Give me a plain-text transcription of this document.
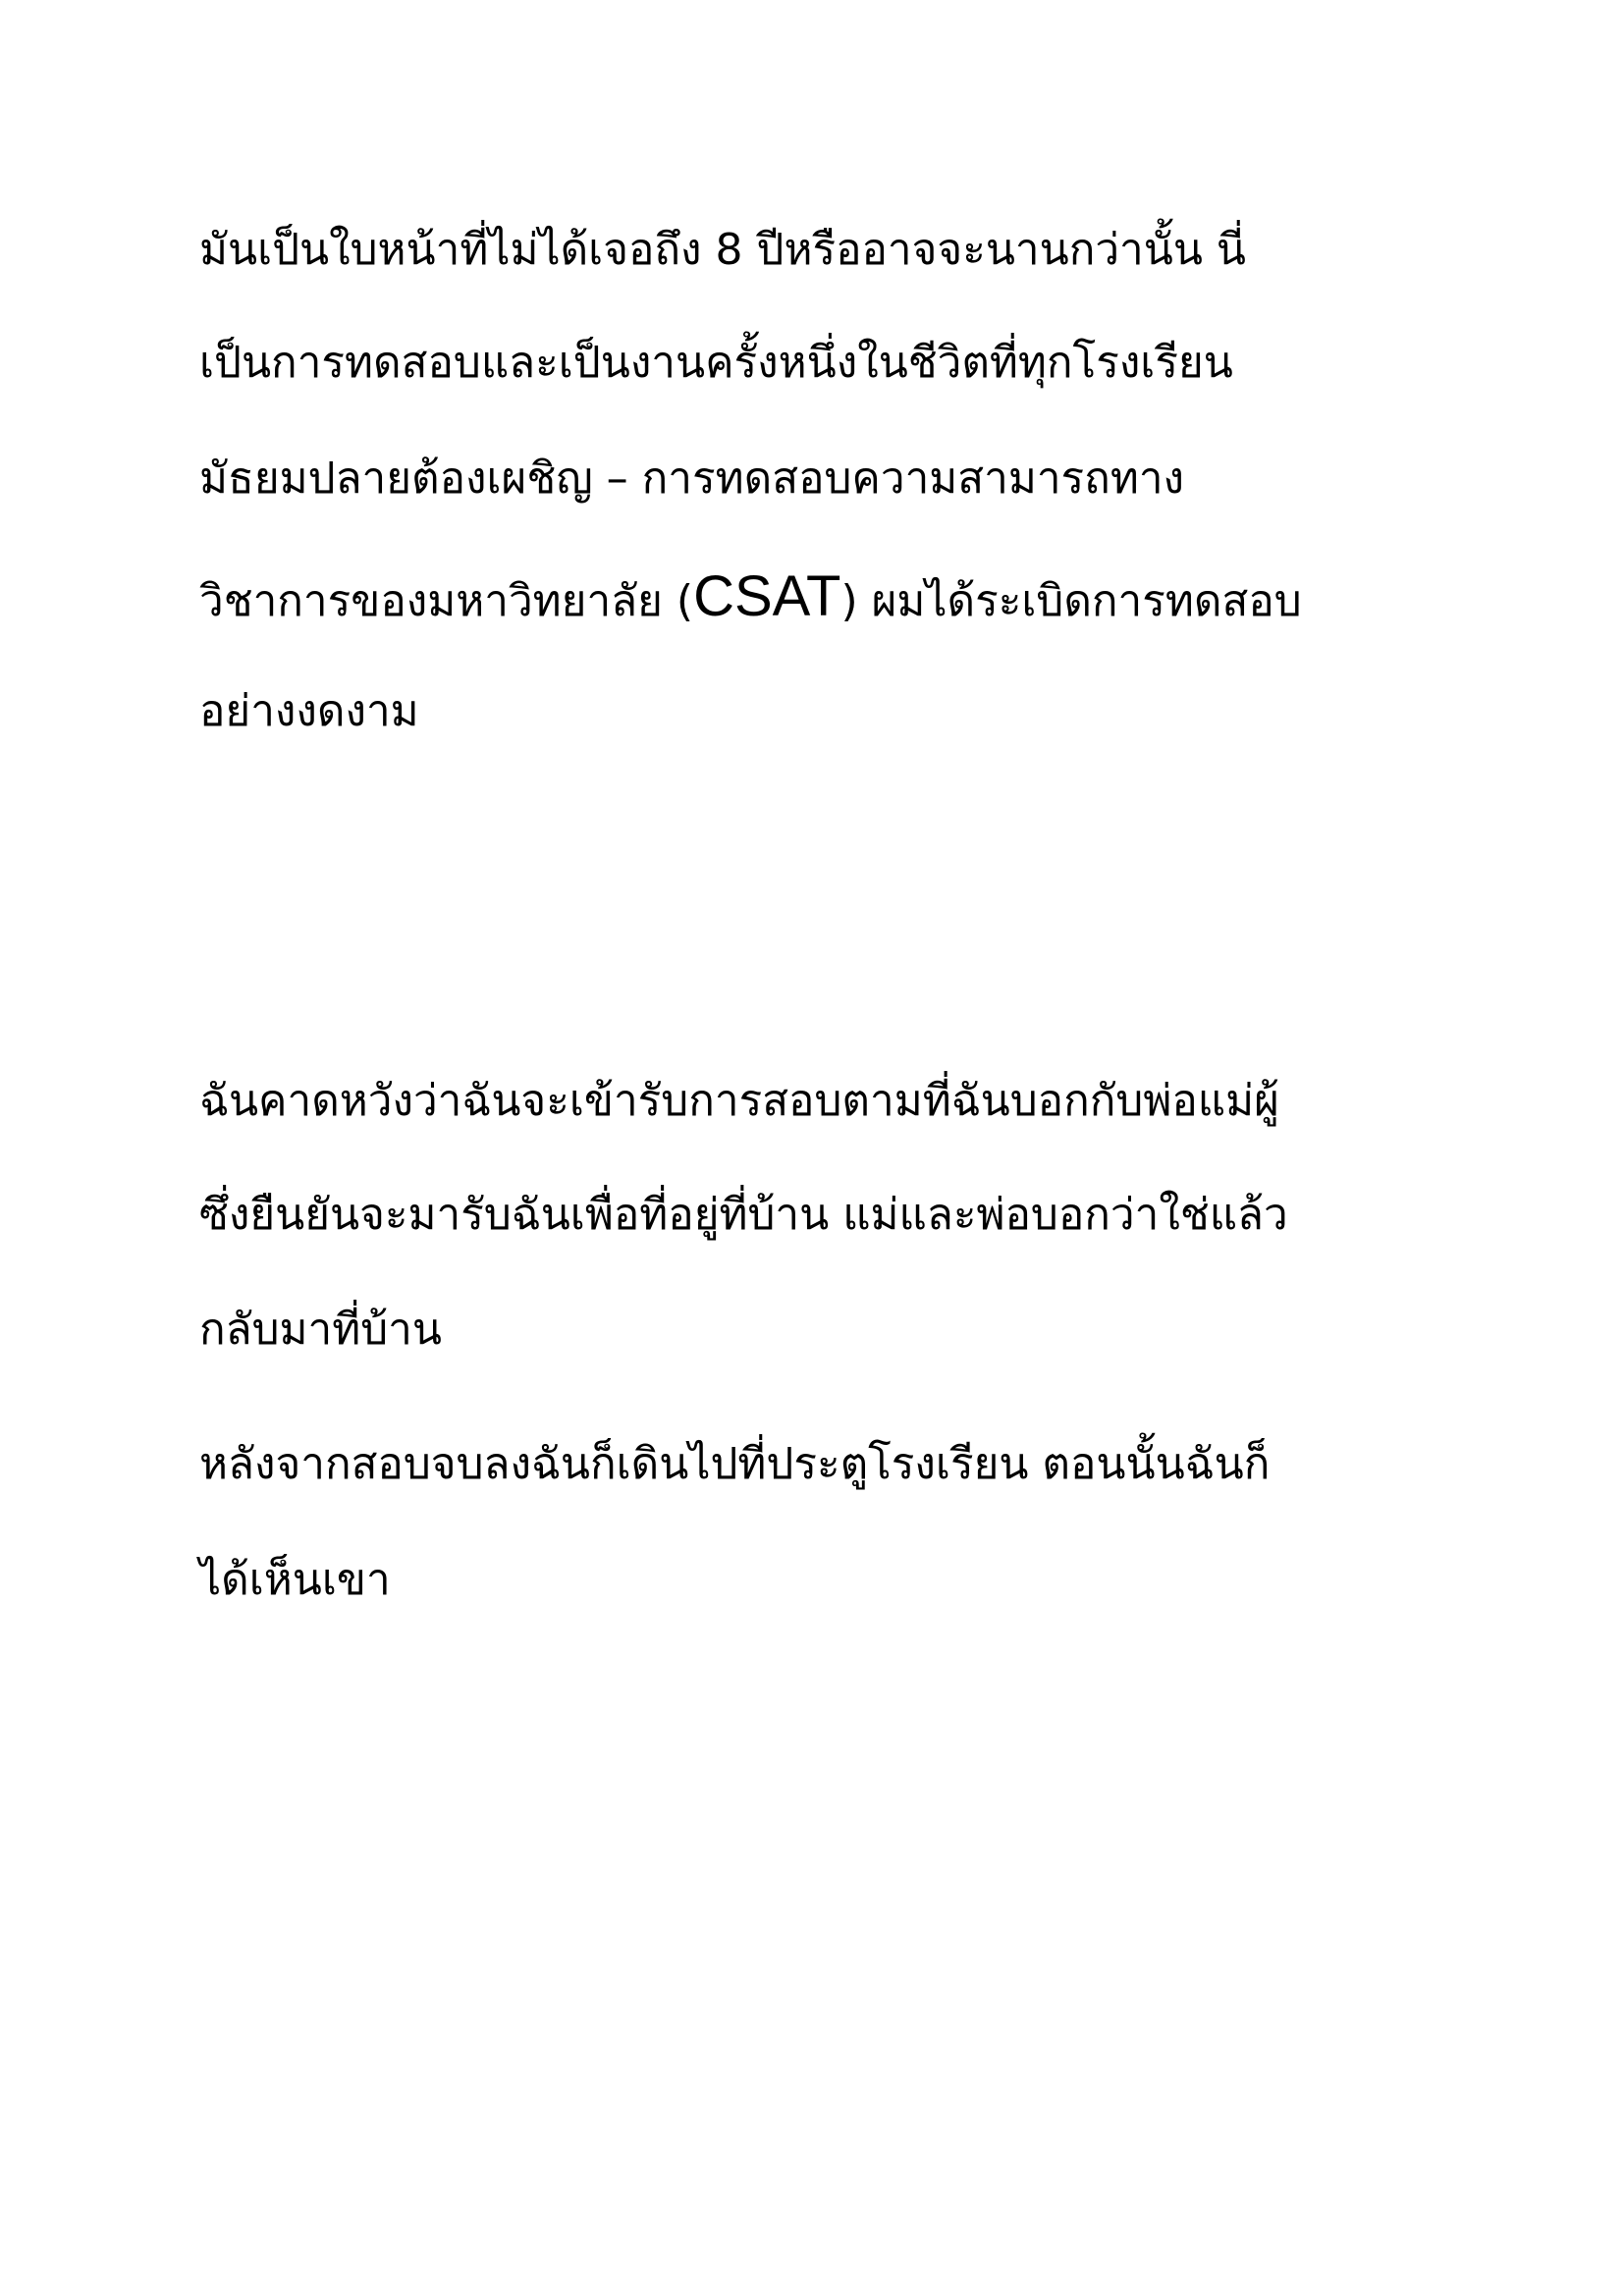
มันเป็นใบหน้าที่ไม่ได้เจอถึง 8 ปีหรืออาจจะนานกว่านั้น นี่

เป็นการทดสอบและเป็นงานครั้งหนึ่งในชีวิตที่ทุกโรงเรียน

มัธยมปลายต้องเผชิญ – การทดสอบความสามารถทาง

วิชาการของมหาวิทยาลัย (CSAT) ผมได้ระเบิดการทดสอบ

อย่างงดงาม

ฉันคาดหวังว่าฉันจะเข้ารับการสอบตามที่ฉันบอกกับพ่อแม่ผู้

ซึ่งยืนยันจะมารับฉันเพื่อที่อยู่ที่บ้าน แม่และพ่อบอกว่าใช่แล้ว

กลับมาที่บ้าน

หลังจากสอบจบลงฉันก็เดินไปที่ประตูโรงเรียน ตอนนั้นฉันก็

ได้เห็นเขา
